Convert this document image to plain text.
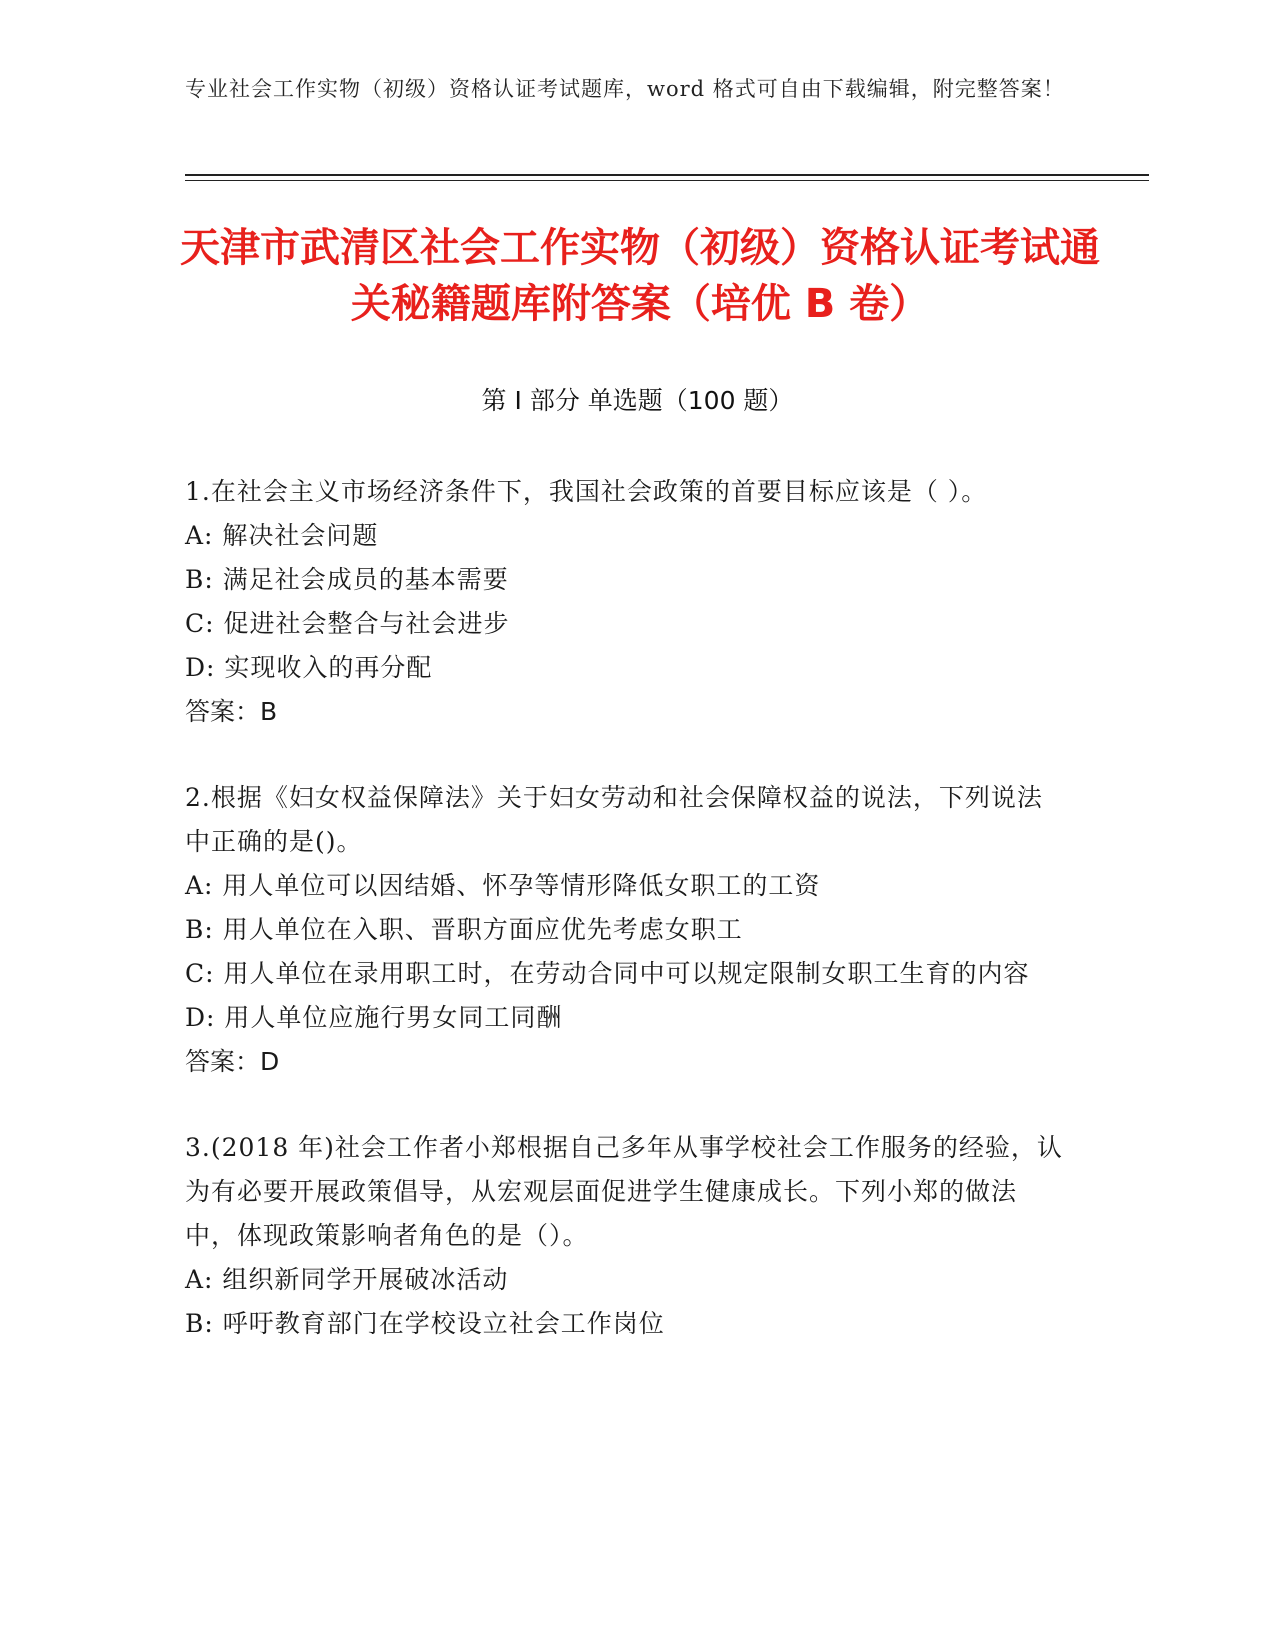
专业社会工作实物（初级）资格认证考试题库，word 格式可自由下载编辑，附完整答案！
天津市武清区社会工作实物（初级）资格认证考试通关秘籍题库附答案（培优 B 卷）
第 I 部分 单选题（100 题）
1.在社会主义市场经济条件下，我国社会政策的首要目标应该是（ ）。
A: 解决社会问题
B: 满足社会成员的基本需要
C: 促进社会整合与社会进步
D: 实现收入的再分配
答案：B
2.根据《妇女权益保障法》关于妇女劳动和社会保障权益的说法，下列说法中正确的是()。
A: 用人单位可以因结婚、怀孕等情形降低女职工的工资
B: 用人单位在入职、晋职方面应优先考虑女职工
C: 用人单位在录用职工时，在劳动合同中可以规定限制女职工生育的内容
D: 用人单位应施行男女同工同酬
答案：D
3.(2018 年)社会工作者小郑根据自己多年从事学校社会工作服务的经验，认为有必要开展政策倡导，从宏观层面促进学生健康成长。下列小郑的做法中，体现政策影响者角色的是（）。
A: 组织新同学开展破冰活动
B: 呼吁教育部门在学校设立社会工作岗位
